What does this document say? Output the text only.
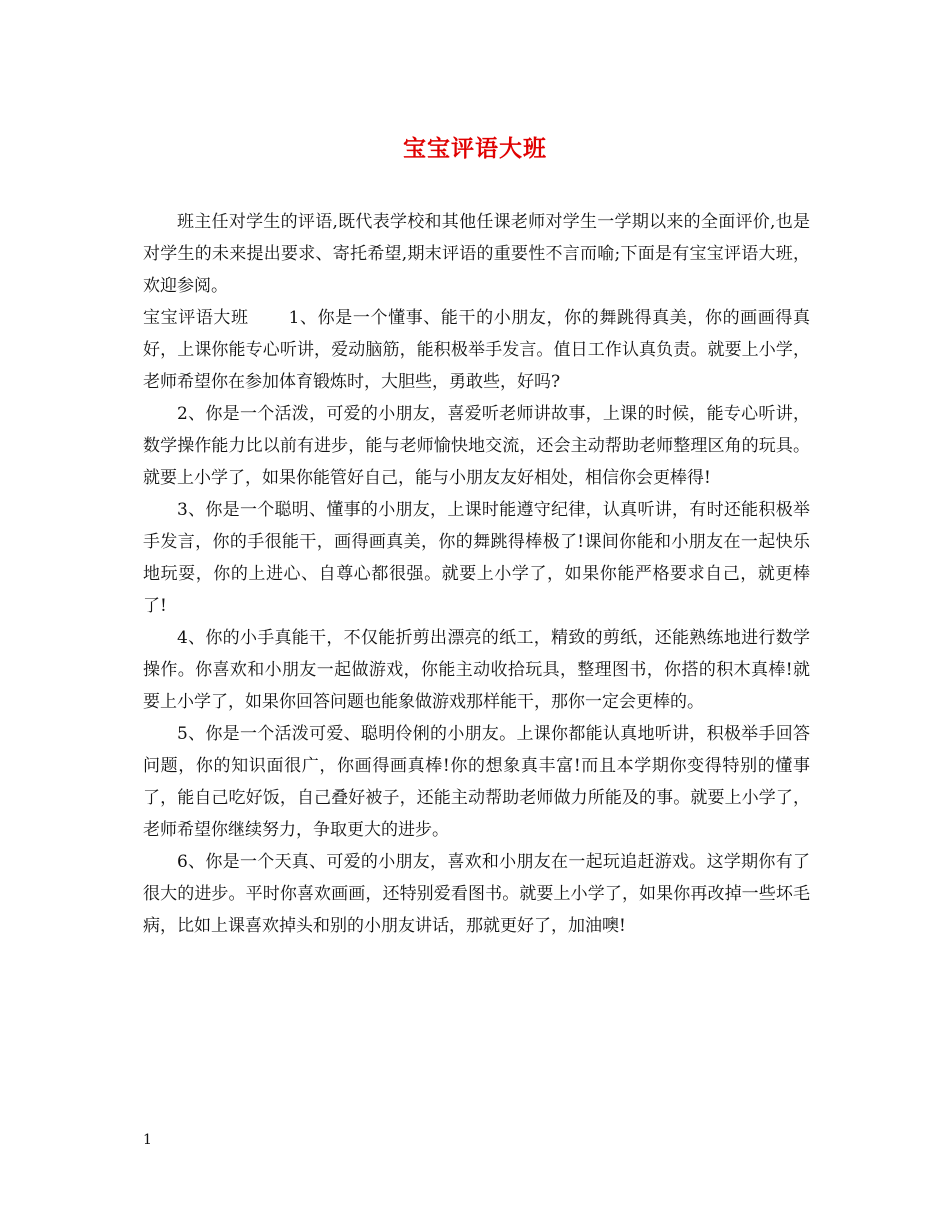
宝宝评语大班

班主任对学生的评语,既代表学校和其他任课老师对学生一学期以来的全面评价,也是对学生的未来提出要求、寄托希望,期末评语的重要性不言而喻;下面是有宝宝评语大班，欢迎参阅。

宝宝评语大班 1、你是一个懂事、能干的小朋友，你的舞跳得真美，你的画画得真好，上课你能专心听讲，爱动脑筋，能积极举手发言。值日工作认真负责。就要上小学，老师希望你在参加体育锻炼时，大胆些，勇敢些，好吗?

2、你是一个活泼，可爱的小朋友，喜爱听老师讲故事，上课的时候，能专心听讲，数学操作能力比以前有进步，能与老师愉快地交流，还会主动帮助老师整理区角的玩具。就要上小学了，如果你能管好自己，能与小朋友友好相处，相信你会更棒得!

3、你是一个聪明、懂事的小朋友，上课时能遵守纪律，认真听讲，有时还能积极举手发言，你的手很能干，画得画真美，你的舞跳得棒极了!课间你能和小朋友在一起快乐地玩耍，你的上进心、自尊心都很强。就要上小学了，如果你能严格要求自己，就更棒了!

4、你的小手真能干，不仅能折剪出漂亮的纸工，精致的剪纸，还能熟练地进行数学操作。你喜欢和小朋友一起做游戏，你能主动收拾玩具，整理图书，你搭的积木真棒!就要上小学了，如果你回答问题也能象做游戏那样能干，那你一定会更棒的。

5、你是一个活泼可爱、聪明伶俐的小朋友。上课你都能认真地听讲，积极举手回答问题，你的知识面很广，你画得画真棒!你的想象真丰富!而且本学期你变得特别的懂事了，能自己吃好饭，自己叠好被子，还能主动帮助老师做力所能及的事。就要上小学了，老师希望你继续努力，争取更大的进步。

6、你是一个天真、可爱的小朋友，喜欢和小朋友在一起玩追赶游戏。这学期你有了很大的进步。平时你喜欢画画，还特别爱看图书。就要上小学了，如果你再改掉一些坏毛病，比如上课喜欢掉头和别的小朋友讲话，那就更好了，加油噢!

1
